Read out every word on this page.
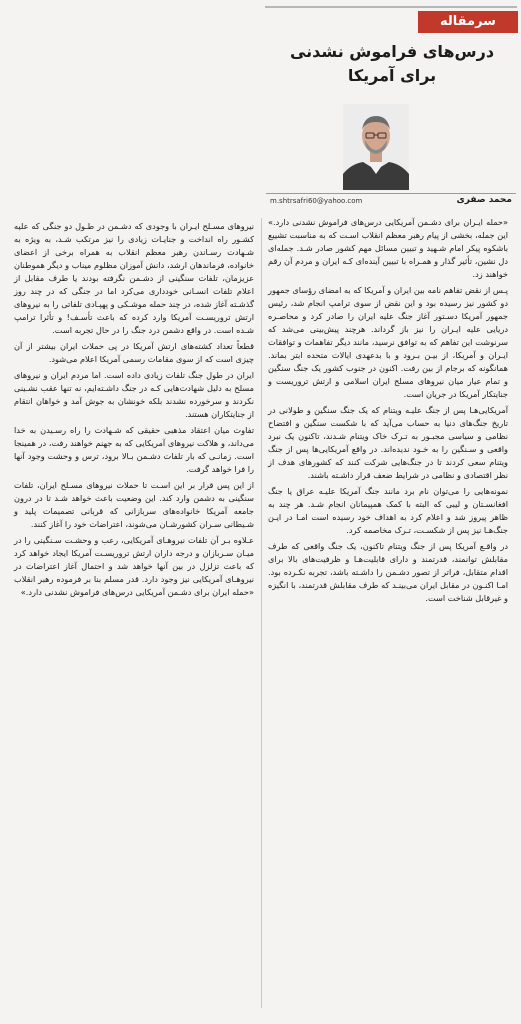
سرمقاله
درس‌های فراموش نشدنی
برای آمریکا
محمد صفری
m.shtrsafri60@yahoo.com

«حمله ایـران برای دشـمن آمریکایی درس‌های فراموش نشدنی دارد.» این جمله، بخشی از پیام رهبر معظم انقلاب اسـت که به مناسبت تشییع باشکوه پیکر امام شـهید و تبیین مسائل مهم کشور صادر شـد. جمله‌ای دل نشین، تأثیر گذار و همـراه با تبیین آینده‌ای کـه ایران و مردم آن رقم خواهند زد.

پـس از نقض تفاهم نامه بین ایران و آمریکا که به امضای رؤسای جمهور دو کشور نیز رسیده بود و این نقض از سوی ترامپ انجام شد، رئیس جمهور آمریکا دسـتور آغاز جنگ علیه ایران را صادر کرد و محاصـره دریایی علیه ایـران را نیز باز گرداند. هرچند پیش‌بینی می‌شد که سرنوشت این تفاهم که به توافق نرسید، مانند دیگر تفاهمات و توافقات ایـران و آمریکا، از بیـن بـرود و با بدعهدی ایالات متحده ابتر بماند. همانگونه که برجام از بین رفت. اکنون در جنوب کشور یک جنگ سنگین و تمام عیار میان نیروهای مسلح ایران اسلامی و ارتش تروریست و جنایتکار آمریکا در جریان است.

آمریکایی‌هـا پس از جنگ علیـه ویتنام که یک جنگ سنگین و طولانی در تاریخ جنگ‌های دنیا به حساب می‌آید که با شکست سنگین و افتضاح نظامی و سیاسی مجبـور به تـرک خاک ویتنام شـدند، تاکنون یک نبرد واقعی و سـنگین را به خـود ندیده‌اند. در واقع آمریکایی‌ها پس از جنگ ویتنام سعی کردند تا در جنگ‌هایی شرکت کنند که کشورهای هدف از نظر اقتصادی و نظامی در شرایط ضعف قرار داشـته باشند.

نمونه‌هایی را می‌توان نام برد مانند جنگ آمریکا علیـه عراق یا جنگ افغانسـتان و لیبی که البته با کمک همپیمانان انجام شـد. هر چند به ظاهر پیروز شد و اعلام کرد به اهداف خود رسیده است امـا در ایـن جنگ‌هـا نیز پس از شکسـت، تـرک مخاصمه کرد.

در واقـع آمریکا پس از جنگ ویتنام تاکنون، یک جنگ واقعی که طرف مقابلش توانمند، قدرتمند و دارای قابلیت‌هـا و ظرفیت‌های بالا برای اقدام متقابل، فراتر از تصور دشـمن را داشـته باشد، تجربه نکـرده بود. امـا اکنـون در مقابل ایران می‌بینـد که طرف مقابلش قدرتمند، با انگیزه و غیرقابل شناخت است.

نیروهای مسـلح ایـران با وجودی که دشـمن در طـول دو جنگی که علیه کشـور راه انداخت و جنایـات زیادی را نیز مرتکب شـد، به ویژه به شـهادت رسـاندن رهبر معظم انقلاب به همراه برخی از اعضای خانواده، فرماندهان ارشد، دانش آموزان مظلوم میناب و دیگر هموطنان عزیزمان، تلفات سنگینی از دشـمن نگرفته بودند یا طرف مقابل از اعلام تلفات انسـانی خودداری می‌کرد اما در جنگی که در چند روز گذشـته آغاز شده، در چند حمله موشـکی و پهپـادی تلفاتی را به نیروهای ارتش تروریسـت آمریکا وارد کرده که باعث تأسـف! و تأثرا ترامپ شـده است. در واقع دشمن درد جنگ را در حال تجربه است.

قطعاً تعداد کشته‌های ارتش آمریکا در پی حملات ایران بیشتر از آن چیزی است که از سوی مقامات رسمی آمریکا اعلام می‌شود.

ایران در طول جنگ تلفات زیادی داده است. اما مردم ایران و نیروهای مسلح به دلیل شهادت‌هایی کـه در جنگ داشـته‌ایم، نه تنها عقب نشـینی نکردند و سرخورده نشدند بلکه خونشان به جوش آمد و خواهان انتقام از جنایتکاران هستند.

تفاوت میان اعتقاد مذهبی حقیقی که شـهادت را راه رسـیدن به خدا می‌داند، و هلاکت نیروهای آمریکایی که به جهنم خواهند رفت، در همینجا است. زمانـی که بار تلفات دشـمن بـالا برود، ترس و وحشت وجود آنها را فرا خواهد گرفت.

از این پس قرار بر این اسـت تا حملات نیروهای مسـلح ایران، تلفات سنگینی به دشمن وارد کند. این وضعیت باعث خواهد شـد تا در درون جامعه آمریکا خانواده‌های سربازانی که قربانی تصمیمات پلید و شـیطانی سـران کشورشـان می‌شوند، اعتراضات خود را آغاز کنند.

عـلاوه بـر آن تلفات نیروهـای آمریکایی، رعب و وحشـت سـنگینی را در میـان سـربازان و درجه داران ارتش تروریسـت آمریکا ایجاد خواهد کرد که باعث تزلزل در بین آنها خواهد شد و احتمال آغاز اعتراضات در نیروهـای آمریکایی نیز وجود دارد. قدر مسلم بنا بر فرموده رهبر انقلاب «حمله ایران برای دشـمن آمریکایی درس‌های فراموش نشدنی دارد.»
